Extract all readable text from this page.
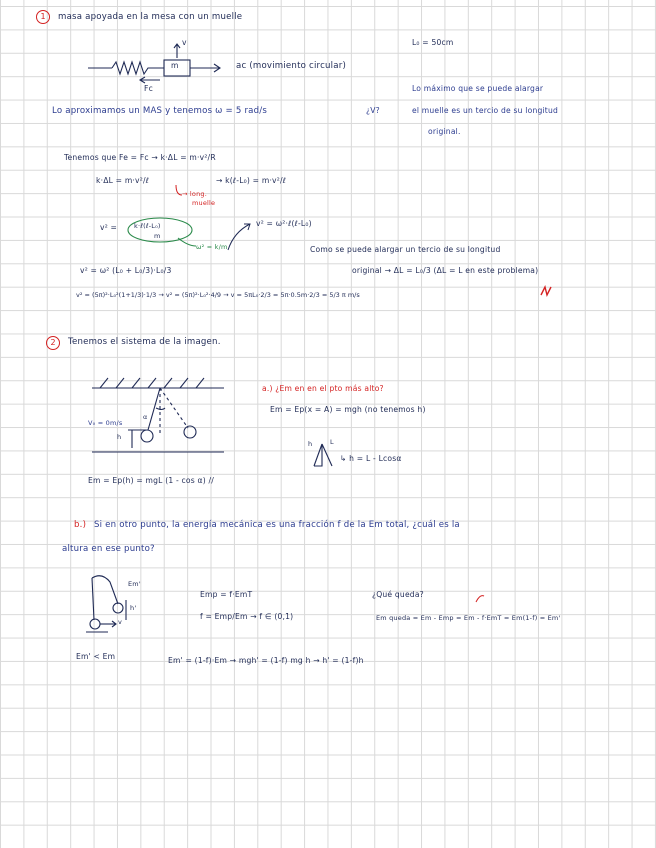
1	masa apoyada en la mesa con un muelle
m
v
Fc
ac (movimiento circular)
L₀ = 50cm
¿V?
Lo máximo que se puede alargar
el muelle es un tercio de su longitud
original.
Lo aproximamos un MAS y tenemos ω = 5 rad/s
Tenemos que Fe = Fc → k·ΔL = m·v²/R
k·ΔL = m·v²/ℓ	→ k(ℓ-L₀) = m·v²/ℓ
→ long.
muelle
v² =	k·ℓ(ℓ-L₀)
m
ω² = k/m
v² = ω²·ℓ(ℓ-L₀)
Como se puede alargar un tercio de su longitud
original → ΔL = L₀/3 (ΔL = L en este problema)
v² = ω² (L₀ + L₀/3)·L₀/3
v² = (5π)²·L₀²(1+1/3)·1/3 → v² = (5π)²·L₀²·4/9 → v = 5πL₀·2/3 = 5π·0.5m·2/3 = 5/3 π m/s
2	Tenemos el sistema de la imagen.
V₀ = 0m/s
h
α
a.) ¿Em en en el pto más alto?
Em = Ep(x = A) = mgh (no tenemos h)
h	L
↳ h = L - Lcosα
Em = Ep(h) = mgL (1 - cos α) //
b.) Si en otro punto, la energía mecánica es una fracción f de la Em total, ¿cuál es la
altura en ese punto?
Em'
h'
v
Em' < Em
Emp = f·EmT
f = Emp/Em → f ∈ (0,1)
¿Qué queda?
Em queda = Em - Emp = Em - f·EmT = Em(1-f) = Em'
Em' = (1-f)·Em → mgh' = (1-f) mg h → h' = (1-f)h
